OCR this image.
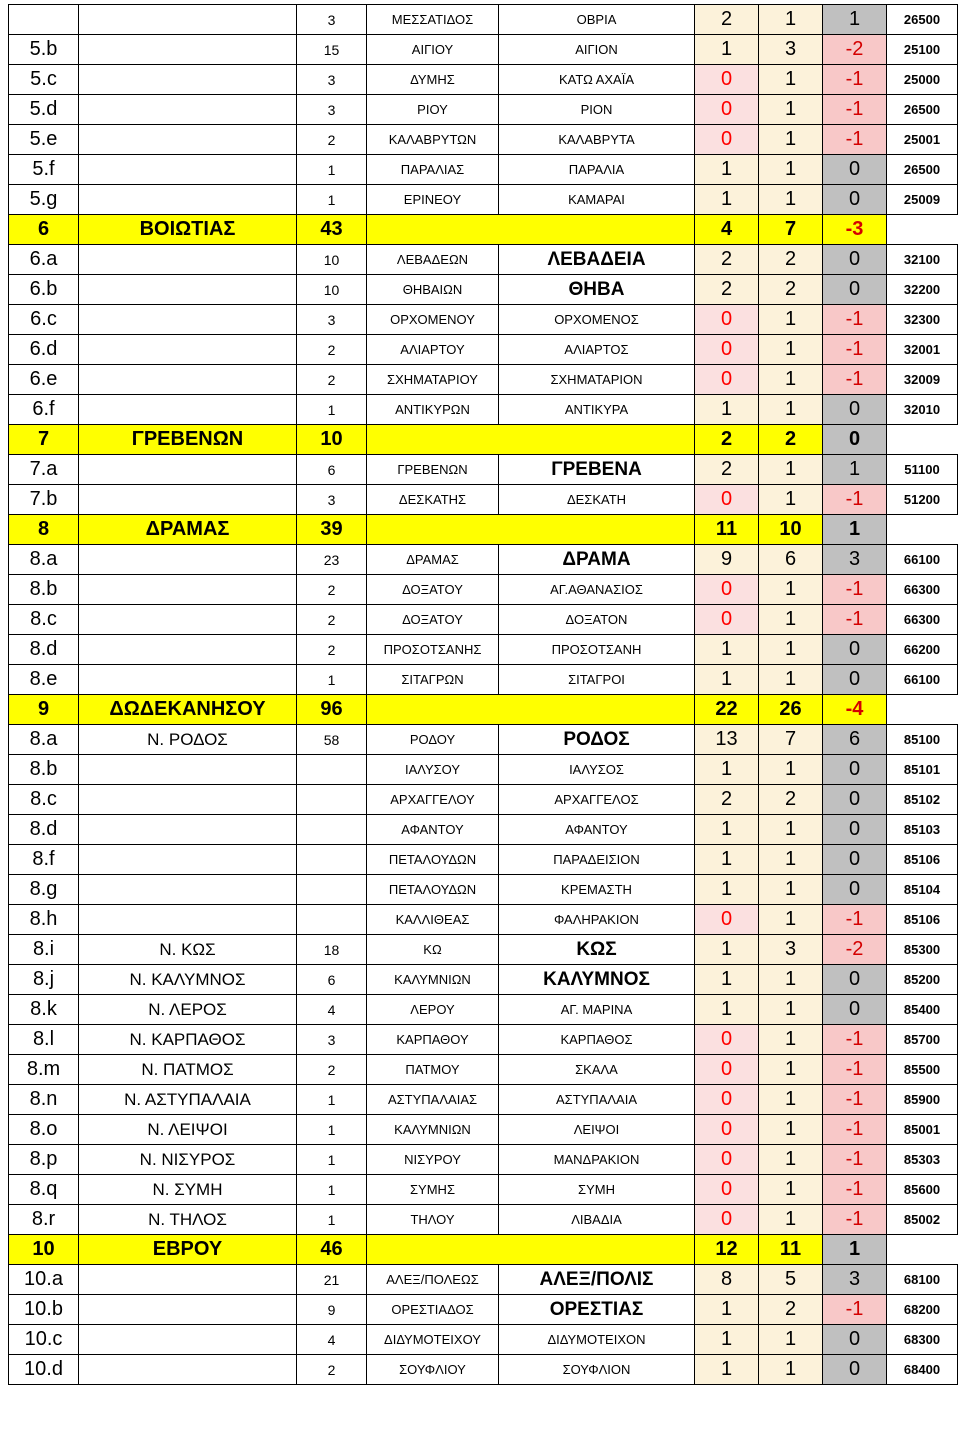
		3	ΜΕΣΣΑΤΙΔΟΣ	ΟΒΡΙΑ	2	1	1	26500
5.b		15	ΑΙΓΙΟΥ	ΑΙΓΙΟΝ	1	3	-2	25100
5.c		3	ΔΥΜΗΣ	ΚΑΤΩ ΑΧΑΪΑ	0	1	-1	25000
5.d		3	ΡΙΟΥ	ΡΙΟΝ	0	1	-1	26500
5.e		2	ΚΑΛΑΒΡΥΤΩΝ	ΚΑΛΑΒΡΥΤΑ	0	1	-1	25001
5.f		1	ΠΑΡΑΛΙΑΣ	ΠΑΡΑΛΙΑ	1	1	0	26500
5.g		1	ΕΡΙΝΕΟΥ	ΚΑΜΑΡΑΙ	1	1	0	25009
6	ΒΟΙΩΤΙΑΣ	43			4	7	-3	
6.a		10	ΛΕΒΑΔΕΩΝ	ΛΕΒΑΔΕΙΑ	2	2	0	32100
6.b		10	ΘΗΒΑΙΩΝ	ΘΗΒΑ	2	2	0	32200
6.c		3	ΟΡΧΟΜΕΝΟΥ	ΟΡΧΟΜΕΝΟΣ	0	1	-1	32300
6.d		2	ΑΛΙΑΡΤΟΥ	ΑΛΙΑΡΤΟΣ	0	1	-1	32001
6.e		2	ΣΧΗΜΑΤΑΡΙΟΥ	ΣΧΗΜΑΤΑΡΙΟΝ	0	1	-1	32009
6.f		1	ΑΝΤΙΚΥΡΩΝ	ΑΝΤΙΚΥΡΑ	1	1	0	32010
7	ΓΡΕΒΕΝΩΝ	10			2	2	0	
7.a		6	ΓΡΕΒΕΝΩΝ	ΓΡΕΒΕΝΑ	2	1	1	51100
7.b		3	ΔΕΣΚΑΤΗΣ	ΔΕΣΚΑΤΗ	0	1	-1	51200
8	ΔΡΑΜΑΣ	39			11	10	1	
8.a		23	ΔΡΑΜΑΣ	ΔΡΑΜΑ	9	6	3	66100
8.b		2	ΔΟΞΑΤΟΥ	ΑΓ.ΑΘΑΝΑΣΙΟΣ	0	1	-1	66300
8.c		2	ΔΟΞΑΤΟΥ	ΔΟΞΑΤΟΝ	0	1	-1	66300
8.d		2	ΠΡΟΣΟΤΣΑΝΗΣ	ΠΡΟΣΟΤΣΑΝΗ	1	1	0	66200
8.e		1	ΣΙΤΑΓΡΩΝ	ΣΙΤΑΓΡΟΙ	1	1	0	66100
9	ΔΩΔΕΚΑΝΗΣΟΥ	96			22	26	-4	
8.a	Ν. ΡΟΔΟΣ	58	ΡΟΔΟΥ	ΡΟΔΟΣ	13	7	6	85100
8.b			ΙΑΛΥΣΟΥ	ΙΑΛΥΣΟΣ	1	1	0	85101
8.c			ΑΡΧΑΓΓΕΛΟΥ	ΑΡΧΑΓΓΕΛΟΣ	2	2	0	85102
8.d			ΑΦΑΝΤΟΥ	ΑΦΑΝΤΟΥ	1	1	0	85103
8.f			ΠΕΤΑΛΟΥΔΩΝ	ΠΑΡΑΔΕΙΣΙΟΝ	1	1	0	85106
8.g			ΠΕΤΑΛΟΥΔΩΝ	ΚΡΕΜΑΣΤΗ	1	1	0	85104
8.h			ΚΑΛΛΙΘΕΑΣ	ΦΑΛΗΡΑΚΙΟΝ	0	1	-1	85106
8.i	Ν. ΚΩΣ	18	ΚΩ	ΚΩΣ	1	3	-2	85300
8.j	Ν. ΚΑΛΥΜΝΟΣ	6	ΚΑΛΥΜΝΙΩΝ	ΚΑΛΥΜΝΟΣ	1	1	0	85200
8.k	Ν. ΛΕΡΟΣ	4	ΛΕΡΟΥ	ΑΓ. ΜΑΡΙΝΑ	1	1	0	85400
8.l	Ν. ΚΑΡΠΑΘΟΣ	3	ΚΑΡΠΑΘΟΥ	ΚΑΡΠΑΘΟΣ	0	1	-1	85700
8.m	Ν. ΠΑΤΜΟΣ	2	ΠΑΤΜΟΥ	ΣΚΑΛΑ	0	1	-1	85500
8.n	Ν. ΑΣΤΥΠΑΛΑΙΑ	1	ΑΣΤΥΠΑΛΑΙΑΣ	ΑΣΤΥΠΑΛΑΙΑ	0	1	-1	85900
8.o	Ν. ΛΕΙΨΟΙ	1	ΚΑΛΥΜΝΙΩΝ	ΛΕΙΨΟΙ	0	1	-1	85001
8.p	Ν. ΝΙΣΥΡΟΣ	1	ΝΙΣΥΡΟΥ	ΜΑΝΔΡΑΚΙΟΝ	0	1	-1	85303
8.q	Ν. ΣΥΜΗ	1	ΣΥΜΗΣ	ΣΥΜΗ	0	1	-1	85600
8.r	Ν. ΤΗΛΟΣ	1	ΤΗΛΟΥ	ΛΙΒΑΔΙΑ	0	1	-1	85002
10	ΕΒΡΟΥ	46			12	11	1	
10.a		21	ΑΛΕΞ/ΠΟΛΕΩΣ	ΑΛΕΞ/ΠΟΛΙΣ	8	5	3	68100
10.b		9	ΟΡΕΣΤΙΑΔΟΣ	ΟΡΕΣΤΙΑΣ	1	2	-1	68200
10.c		4	ΔΙΔΥΜΟΤΕΙΧΟΥ	ΔΙΔΥΜΟΤΕΙΧΟΝ	1	1	0	68300
10.d		2	ΣΟΥΦΛΙΟΥ	ΣΟΥΦΛΙΟΝ	1	1	0	68400
